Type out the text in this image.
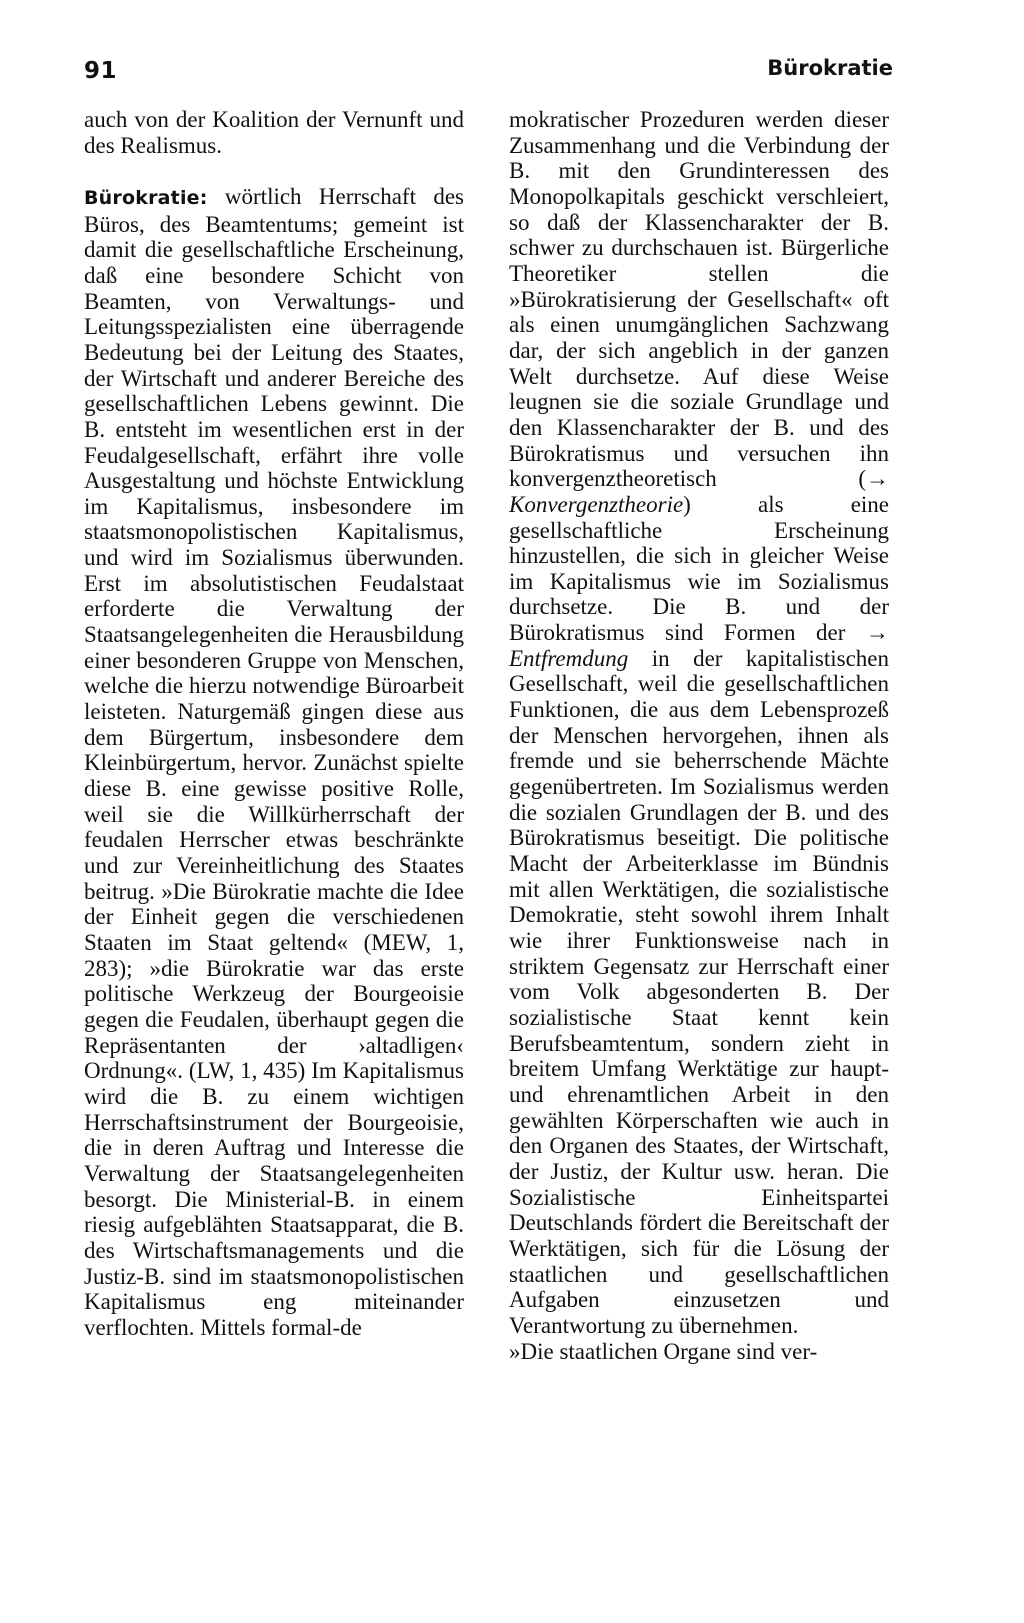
91	Bürokratie

auch von der Koalition der Vernunft und des Realismus.

Bürokratie: wörtlich Herrschaft des Büros, des Beamtentums; gemeint ist damit die gesellschaftliche Erscheinung, daß eine besondere Schicht von Beamten, von Verwaltungs- und Leitungsspezialisten eine überragende Bedeutung bei der Leitung des Staates, der Wirtschaft und anderer Bereiche des gesellschaftlichen Lebens gewinnt. Die B. entsteht im wesentlichen erst in der Feudalgesellschaft, erfährt ihre volle Ausgestaltung und höchste Entwicklung im Kapitalismus, insbesondere im staatsmonopolistischen Kapitalismus, und wird im Sozialismus überwunden. Erst im absolutistischen Feudalstaat erforderte die Verwaltung der Staatsangelegenheiten die Herausbildung einer besonderen Gruppe von Menschen, welche die hierzu notwendige Büroarbeit leisteten. Naturgemäß gingen diese aus dem Bürgertum, insbesondere dem Kleinbürgertum, hervor. Zunächst spielte diese B. eine gewisse positive Rolle, weil sie die Willkürherrschaft der feudalen Herrscher etwas beschränkte und zur Vereinheitlichung des Staates beitrug. »Die Bürokratie machte die Idee der Einheit gegen die verschiedenen Staaten im Staat geltend« (MEW, 1, 283); »die Bürokratie war das erste politische Werkzeug der Bourgeoisie gegen die Feudalen, überhaupt gegen die Repräsentanten der ›altadligen‹ Ordnung«. (LW, 1, 435) Im Kapitalismus wird die B. zu einem wichtigen Herrschaftsinstrument der Bourgeoisie, die in deren Auftrag und Interesse die Verwaltung der Staatsangelegenheiten besorgt. Die Ministerial-B. in einem riesig aufgeblähten Staatsapparat, die B. des Wirtschaftsmanagements und die Justiz-B. sind im staatsmonopolistischen Kapitalismus eng miteinander verflochten. Mittels formal-de

mokratischer Prozeduren werden dieser Zusammenhang und die Verbindung der B. mit den Grundinteressen des Monopolkapitals geschickt verschleiert, so daß der Klassencharakter der B. schwer zu durchschauen ist. Bürgerliche Theoretiker stellen die »Bürokratisierung der Gesellschaft« oft als einen unumgänglichen Sachzwang dar, der sich angeblich in der ganzen Welt durchsetze. Auf diese Weise leugnen sie die soziale Grundlage und den Klassencharakter der B. und des Bürokratismus und versuchen ihn konvergenztheoretisch (→ Konvergenztheorie) als eine gesellschaftliche Erscheinung hinzustellen, die sich in gleicher Weise im Kapitalismus wie im Sozialismus durchsetze. Die B. und der Bürokratismus sind Formen der → Entfremdung in der kapitalistischen Gesellschaft, weil die gesellschaftlichen Funktionen, die aus dem Lebensprozeß der Menschen hervorgehen, ihnen als fremde und sie beherrschende Mächte gegenübertreten. Im Sozialismus werden die sozialen Grundlagen der B. und des Bürokratismus beseitigt. Die politische Macht der Arbeiterklasse im Bündnis mit allen Werktätigen, die sozialistische Demokratie, steht sowohl ihrem Inhalt wie ihrer Funktionsweise nach in striktem Gegensatz zur Herrschaft einer vom Volk abgesonderten B. Der sozialistische Staat kennt kein Berufsbeamtentum, sondern zieht in breitem Umfang Werktätige zur haupt- und ehrenamtlichen Arbeit in den gewählten Körperschaften wie auch in den Organen des Staates, der Wirtschaft, der Justiz, der Kultur usw. heran. Die Sozialistische Einheitspartei Deutschlands fördert die Bereitschaft der Werktätigen, sich für die Lösung der staatlichen und gesellschaftlichen Aufgaben einzusetzen und Verantwortung zu übernehmen.

»Die staatlichen Organe sind ver-
